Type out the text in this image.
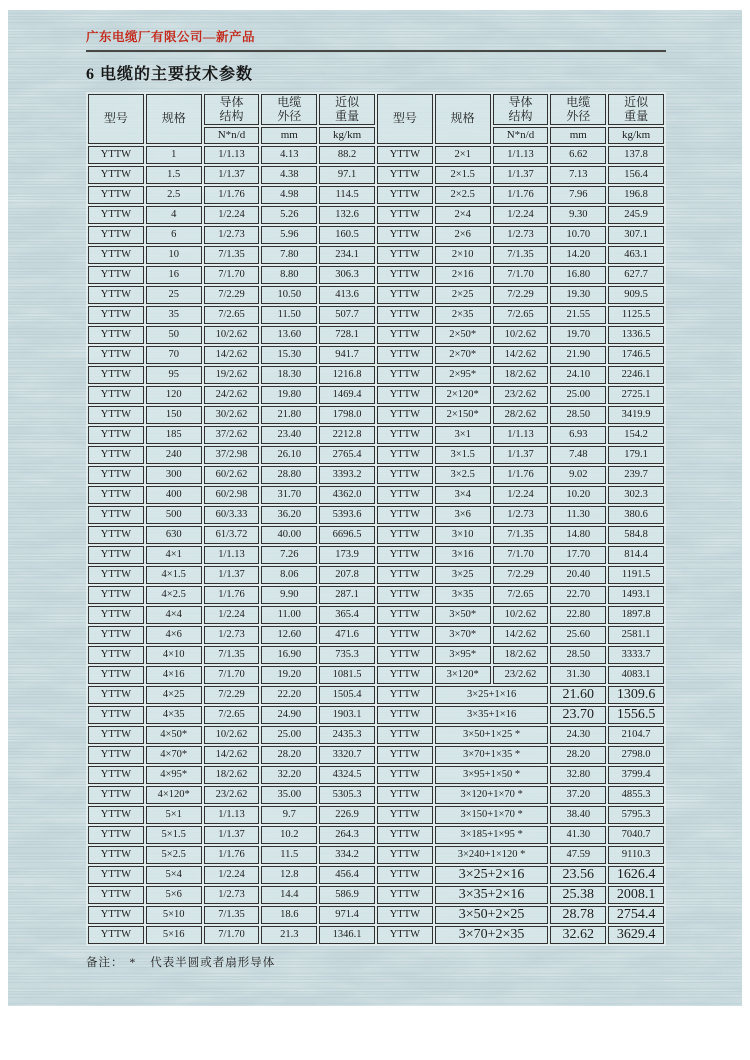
广东电缆厂有限公司—新产品
6 电缆的主要技术参数
型号	规格	导体结构	电缆外径	近似重量	型号	规格	导体结构	电缆外径	近似重量
		N*n/d	mm	kg/km			N*n/d	mm	kg/km
YTTW	1	1/1.13	4.13	88.2	YTTW	2×1	1/1.13	6.62	137.8
YTTW	1.5	1/1.37	4.38	97.1	YTTW	2×1.5	1/1.37	7.13	156.4
YTTW	2.5	1/1.76	4.98	114.5	YTTW	2×2.5	1/1.76	7.96	196.8
YTTW	4	1/2.24	5.26	132.6	YTTW	2×4	1/2.24	9.30	245.9
YTTW	6	1/2.73	5.96	160.5	YTTW	2×6	1/2.73	10.70	307.1
YTTW	10	7/1.35	7.80	234.1	YTTW	2×10	7/1.35	14.20	463.1
YTTW	16	7/1.70	8.80	306.3	YTTW	2×16	7/1.70	16.80	627.7
YTTW	25	7/2.29	10.50	413.6	YTTW	2×25	7/2.29	19.30	909.5
YTTW	35	7/2.65	11.50	507.7	YTTW	2×35	7/2.65	21.55	1125.5
YTTW	50	10/2.62	13.60	728.1	YTTW	2×50*	10/2.62	19.70	1336.5
YTTW	70	14/2.62	15.30	941.7	YTTW	2×70*	14/2.62	21.90	1746.5
YTTW	95	19/2.62	18.30	1216.8	YTTW	2×95*	18/2.62	24.10	2246.1
YTTW	120	24/2.62	19.80	1469.4	YTTW	2×120*	23/2.62	25.00	2725.1
YTTW	150	30/2.62	21.80	1798.0	YTTW	2×150*	28/2.62	28.50	3419.9
YTTW	185	37/2.62	23.40	2212.8	YTTW	3×1	1/1.13	6.93	154.2
YTTW	240	37/2.98	26.10	2765.4	YTTW	3×1.5	1/1.37	7.48	179.1
YTTW	300	60/2.62	28.80	3393.2	YTTW	3×2.5	1/1.76	9.02	239.7
YTTW	400	60/2.98	31.70	4362.0	YTTW	3×4	1/2.24	10.20	302.3
YTTW	500	60/3.33	36.20	5393.6	YTTW	3×6	1/2.73	11.30	380.6
YTTW	630	61/3.72	40.00	6696.5	YTTW	3×10	7/1.35	14.80	584.8
YTTW	4×1	1/1.13	7.26	173.9	YTTW	3×16	7/1.70	17.70	814.4
YTTW	4×1.5	1/1.37	8.06	207.8	YTTW	3×25	7/2.29	20.40	1191.5
YTTW	4×2.5	1/1.76	9.90	287.1	YTTW	3×35	7/2.65	22.70	1493.1
YTTW	4×4	1/2.24	11.00	365.4	YTTW	3×50*	10/2.62	22.80	1897.8
YTTW	4×6	1/2.73	12.60	471.6	YTTW	3×70*	14/2.62	25.60	2581.1
YTTW	4×10	7/1.35	16.90	735.3	YTTW	3×95*	18/2.62	28.50	3333.7
YTTW	4×16	7/1.70	19.20	1081.5	YTTW	3×120*	23/2.62	31.30	4083.1
YTTW	4×25	7/2.29	22.20	1505.4	YTTW	3×25+1×16		21.60	1309.6
YTTW	4×35	7/2.65	24.90	1903.1	YTTW	3×35+1×16		23.70	1556.5
YTTW	4×50*	10/2.62	25.00	2435.3	YTTW	3×50+1×25 *		24.30	2104.7
YTTW	4×70*	14/2.62	28.20	3320.7	YTTW	3×70+1×35 *		28.20	2798.0
YTTW	4×95*	18/2.62	32.20	4324.5	YTTW	3×95+1×50 *		32.80	3799.4
YTTW	4×120*	23/2.62	35.00	5305.3	YTTW	3×120+1×70 *		37.20	4855.3
YTTW	5×1	1/1.13	9.7	226.9	YTTW	3×150+1×70 *		38.40	5795.3
YTTW	5×1.5	1/1.37	10.2	264.3	YTTW	3×185+1×95 *		41.30	7040.7
YTTW	5×2.5	1/1.76	11.5	334.2	YTTW	3×240+1×120 *		47.59	9110.3
YTTW	5×4	1/2.24	12.8	456.4	YTTW	3×25+2×16		23.56	1626.4
YTTW	5×6	1/2.73	14.4	586.9	YTTW	3×35+2×16		25.38	2008.1
YTTW	5×10	7/1.35	18.6	971.4	YTTW	3×50+2×25		28.78	2754.4
YTTW	5×16	7/1.70	21.3	1346.1	YTTW	3×70+2×35		32.62	3629.4
备注： * 代表半圆或者扇形导体
